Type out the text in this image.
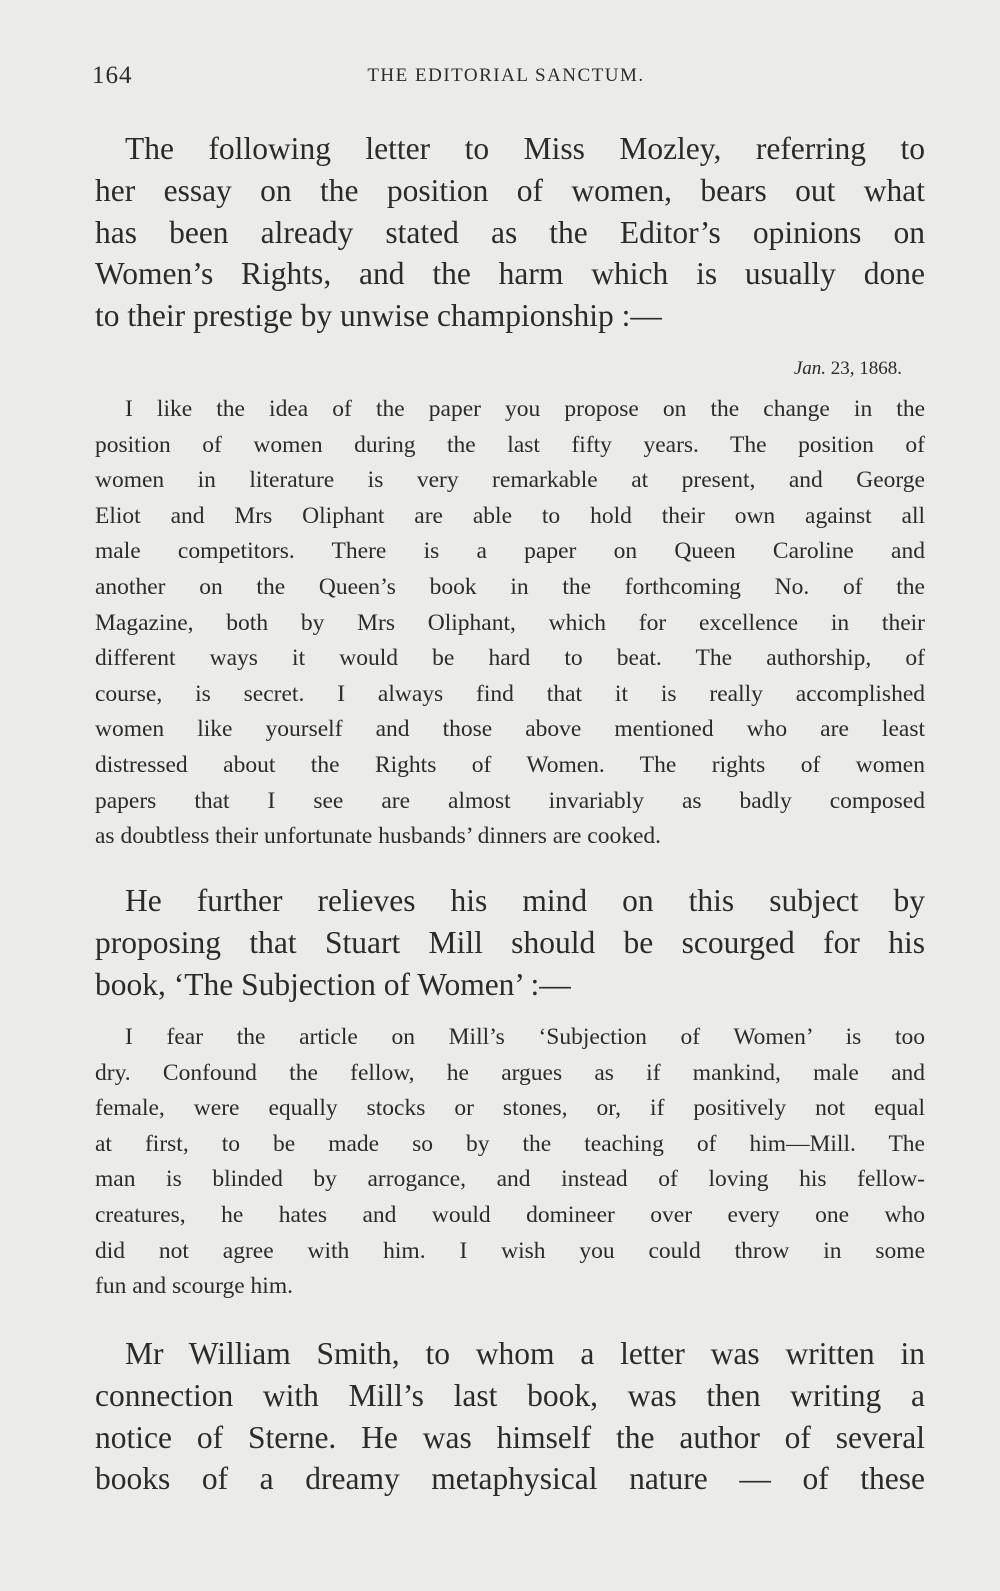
164	THE EDITORIAL SANCTUM.
The following letter to Miss Mozley, referring to
her essay on the position of women, bears out what
has been already stated as the Editor’s opinions on
Women’s Rights, and the harm which is usually done
to their prestige by unwise championship :—
Jan. 23, 1868.
I like the idea of the paper you propose on the change in the
position of women during the last fifty years. The position of
women in literature is very remarkable at present, and George
Eliot and Mrs Oliphant are able to hold their own against all
male competitors. There is a paper on Queen Caroline and
another on the Queen’s book in the forthcoming No. of the
Magazine, both by Mrs Oliphant, which for excellence in their
different ways it would be hard to beat. The authorship, of
course, is secret. I always find that it is really accomplished
women like yourself and those above mentioned who are least
distressed about the Rights of Women. The rights of women
papers that I see are almost invariably as badly composed
as doubtless their unfortunate husbands’ dinners are cooked.
He further relieves his mind on this subject by
proposing that Stuart Mill should be scourged for his
book, ‘The Subjection of Women’ :—
I fear the article on Mill’s ‘Subjection of Women’ is too
dry. Confound the fellow, he argues as if mankind, male and
female, were equally stocks or stones, or, if positively not equal
at first, to be made so by the teaching of him—Mill. The
man is blinded by arrogance, and instead of loving his fellow-
creatures, he hates and would domineer over every one who
did not agree with him. I wish you could throw in some
fun and scourge him.
Mr William Smith, to whom a letter was written in
connection with Mill’s last book, was then writing a
notice of Sterne. He was himself the author of several
books of a dreamy metaphysical nature — of these
